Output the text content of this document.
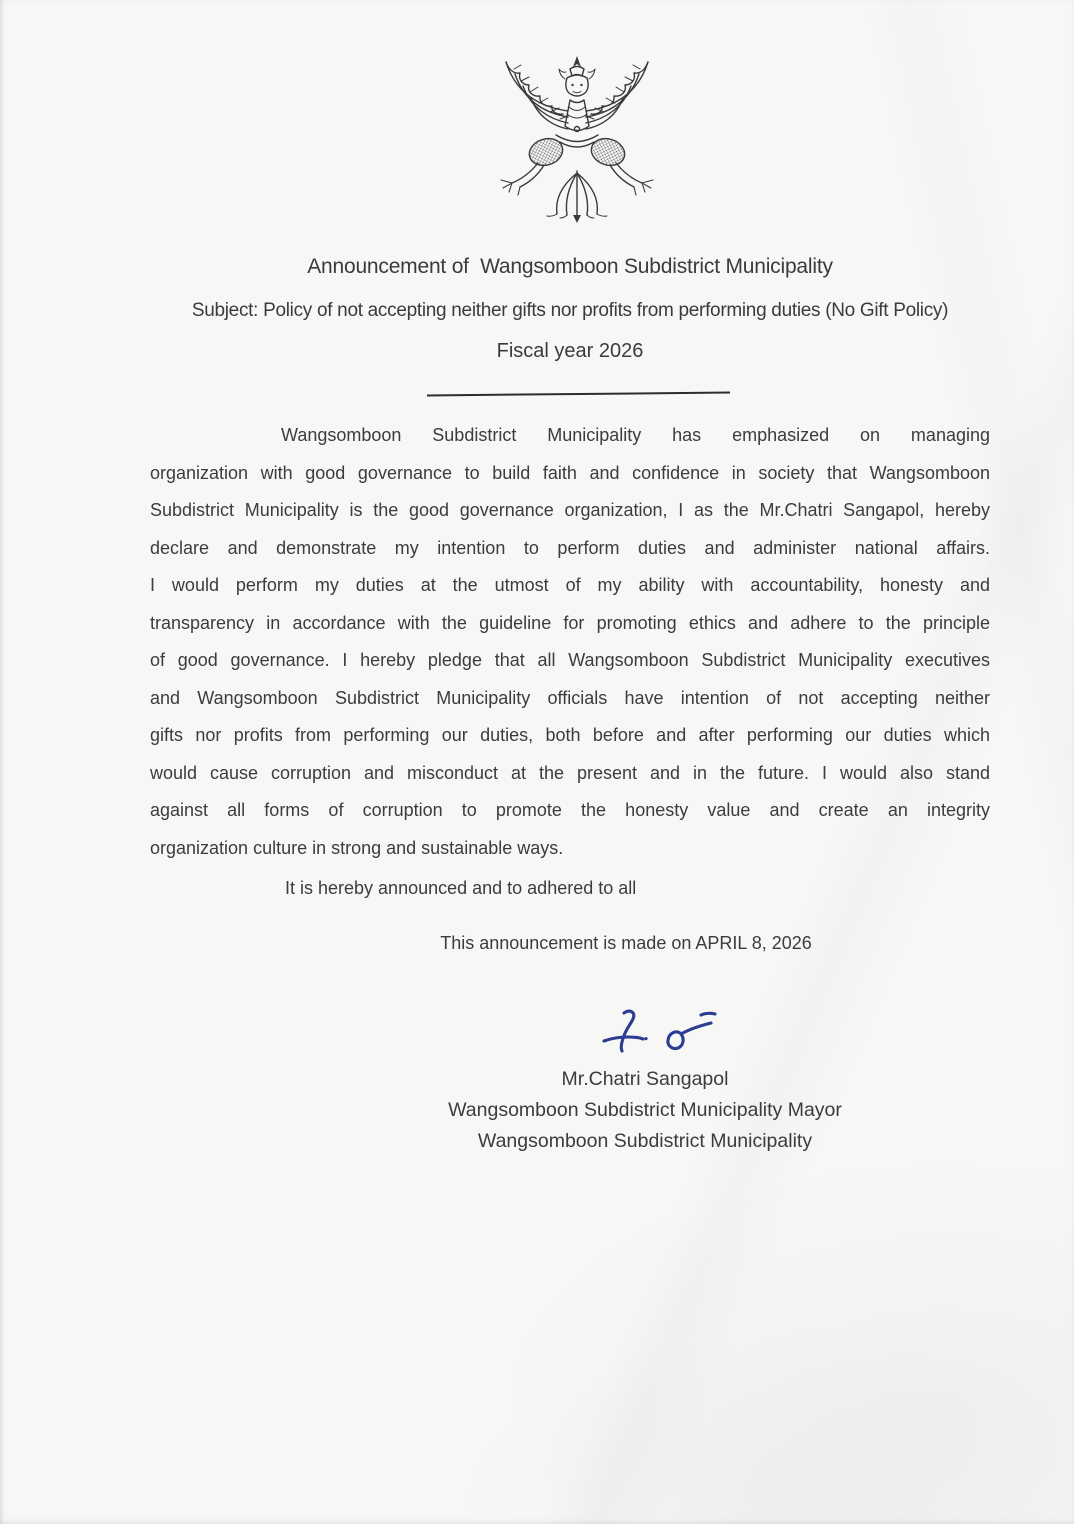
Announcement of  Wangsomboon Subdistrict Municipality
Subject: Policy of not accepting neither gifts nor profits from performing duties (No Gift Policy)
Fiscal year 2026
Wangsomboon Subdistrict Municipality has emphasized on managing
organization with good governance to build faith and confidence in society that Wangsomboon
Subdistrict Municipality is the good governance organization, I as the Mr.Chatri Sangapol, hereby
declare and demonstrate my intention to perform duties and administer national affairs.
I would perform my duties at the utmost of my ability with accountability, honesty and
transparency in accordance with the guideline for promoting ethics and adhere to the principle
of good governance. I hereby pledge that all Wangsomboon Subdistrict Municipality executives
and Wangsomboon Subdistrict Municipality officials have intention of not accepting neither
gifts nor profits from performing our duties, both before and after performing our duties which
would cause corruption and misconduct at the present and in the future. I would also stand
against all forms of corruption to promote the honesty value and create an integrity
organization culture in strong and sustainable ways.
It is hereby announced and to adhered to all
This announcement is made on APRIL 8, 2026
Mr.Chatri Sangapol
Wangsomboon Subdistrict Municipality Mayor
Wangsomboon Subdistrict Municipality
